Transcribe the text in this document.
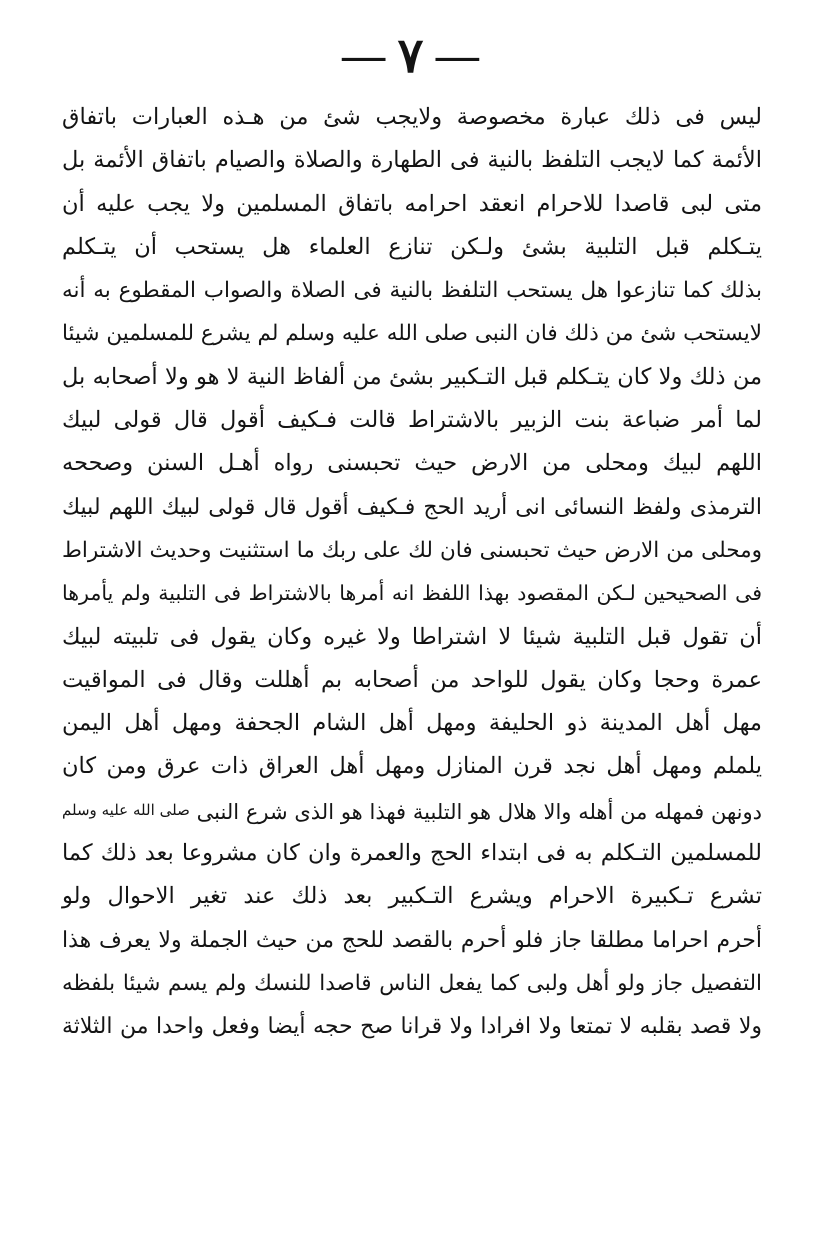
— ٧ —
ليس فى ذلك عبارة مخصوصة ولايجب شئ من هـذه العبارات باتفاق
الأئمة كما لايجب التلفظ بالنية فى الطهارة والصلاة والصيام باتفاق الأئمة بل
متى لبى قاصدا للاحرام انعقد احرامه باتفاق المسلمين ولا يجب عليه أن
يتـكلم قبل التلبية بشئ ولـكن تنازع العلماء هل يستحب أن يتـكلم
بذلك كما تنازعوا هل يستحب التلفظ بالنية فى الصلاة والصواب المقطوع به أنه
لايستحب شئ من ذلك فان النبى صلى الله عليه وسلم لم يشرع للمسلمين شيئا
من ذلك ولا كان يتـكلم قبل التـكبير بشئ من ألفاظ النية لا هو ولا أصحابه بل
لما أمر ضباعة بنت الزبير بالاشتراط قالت فـكيف أقول قال قولى لبيك
اللهم لبيك ومحلى من الارض حيث تحبسنى رواه أهـل السنن وصححه
الترمذى ولفظ النسائى انى أريد الحج فـكيف أقول قال قولى لبيك اللهم لبيك
ومحلى من الارض حيث تحبسنى فان لك على ربك ما استثنيت وحديث الاشتراط
فى الصحيحين لـكن المقصود بهذا اللفظ انه أمرها بالاشتراط فى التلبية ولم يأمرها
أن تقول قبل التلبية شيئا لا اشتراطا ولا غيره وكان يقول فى تلبيته لبيك
عمرة وحجا وكان يقول للواحد من أصحابه بم أهللت وقال فى المواقيت
مهل أهل المدينة ذو الحليفة ومهل أهل الشام الجحفة ومهل أهل اليمن
يلملم ومهل أهل نجد قرن المنازل ومهل أهل العراق ذات عرق ومن كان
دونهن فمهله من أهله والا هلال هو التلبية فهذا هو الذى شرع النبى صلى الله عليه وسلم
للمسلمين التـكلم به فى ابتداء الحج والعمرة وان كان مشروعا بعد ذلك كما
تشرع تـكبيرة الاحرام ويشرع التـكبير بعد ذلك عند تغير الاحوال ولو
أحرم احراما مطلقا جاز فلو أحرم بالقصد للحج من حيث الجملة ولا يعرف هذا
التفصيل جاز ولو أهل ولبى كما يفعل الناس قاصدا للنسك ولم يسم شيئا بلفظه
ولا قصد بقلبه لا تمتعا ولا افرادا ولا قرانا صح حجه أيضا وفعل واحدا من الثلاثة
